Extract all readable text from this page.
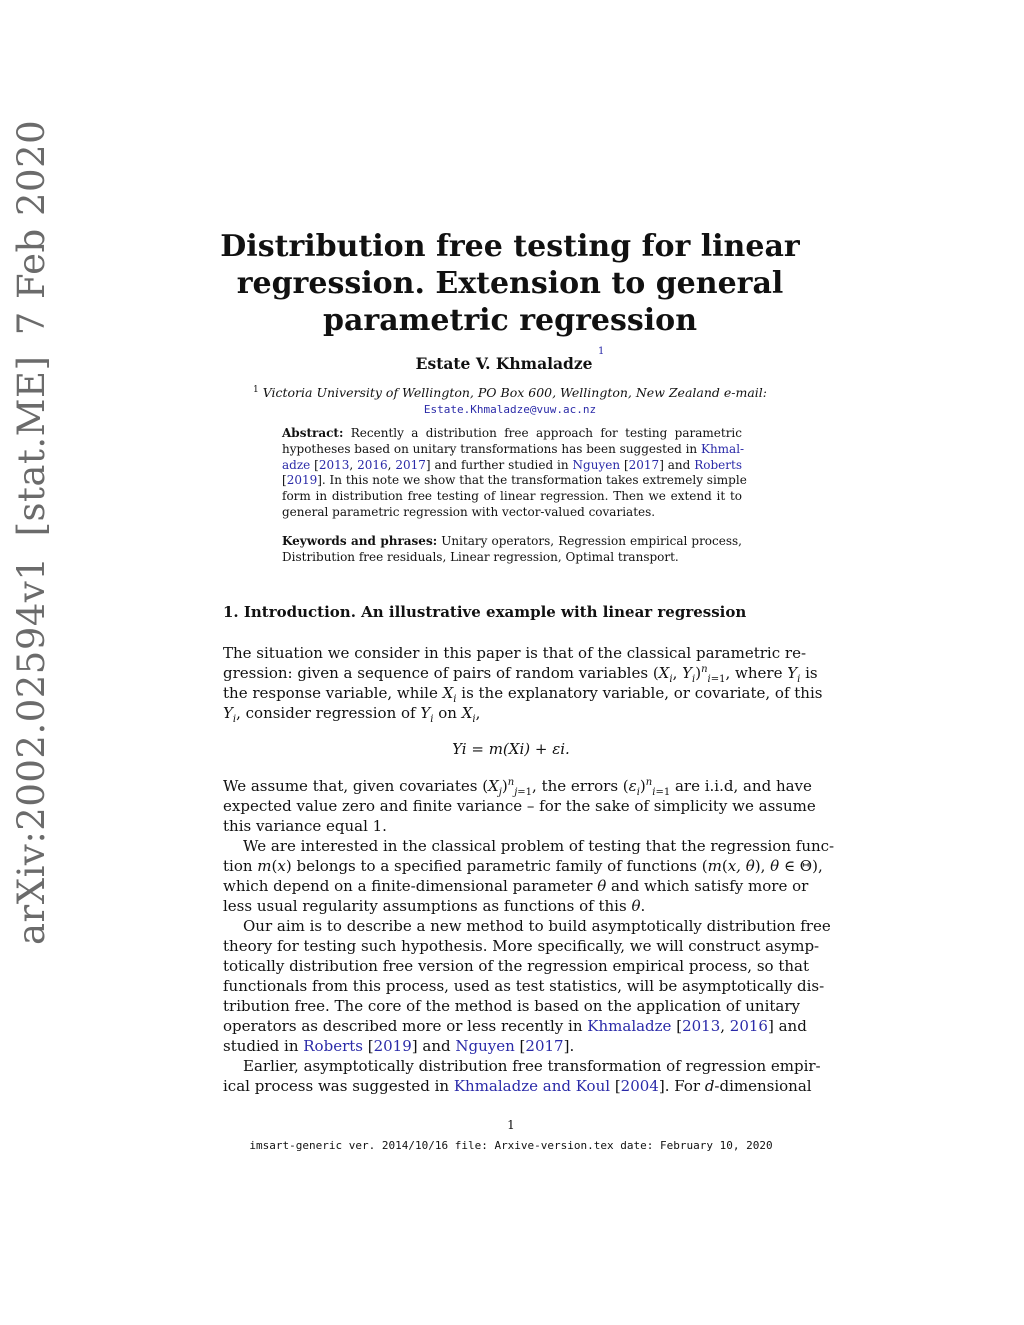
arXiv:2002.02594v1 [stat.ME] 7 Feb 2020	Distribution free testing for linear
regression. Extension to general
parametric regression
Estate V. Khmaladze $^1$
$^1$ Victoria University of Wellington, PO Box 600, Wellington, New Zealand e-mail:
Estate.Khmaladze@vuw.ac.nz
Abstract: Recently a distribution free approach for testing parametric
hypotheses based on unitary transformations has been suggested in Khmal-
adze [2013, 2016, 2017] and further studied in Nguyen [2017] and Roberts
[2019]. In this note we show that the transformation takes extremely simple
form in distribution free testing of linear regression. Then we extend it to
general parametric regression with vector-valued covariates.
Keywords and phrases: Unitary operators, Regression empirical process,
Distribution free residuals, Linear regression, Optimal transport.
1. Introduction. An illustrative example with linear regression
The situation we consider in this paper is that of the classical parametric re-
gression: given a sequence of pairs of random variables ($X_i$, $Y_i)^n_{i=1}$, where $Y_i$ is
the response variable, while $X_i$ is the explanatory variable, or covariate, of this
$Y_i$, consider regression of $Y_i$ on $X_i$,
Yi = m(Xi) + εi.
We assume that, given covariates $(X_j)^n_{j=1}$, the errors $(\varepsilon_i)^n_{i=1}$ are i.i.d, and have
expected value zero and finite variance – for the sake of simplicity we assume
this variance equal 1.
We are interested in the classical problem of testing that the regression func-
tion m(x) belongs to a specified parametric family of functions (m(x, θ), θ ∈ Θ),
which depend on a finite-dimensional parameter θ and which satisfy more or
less usual regularity assumptions as functions of this θ.
Our aim is to describe a new method to build asymptotically distribution free
theory for testing such hypothesis. More specifically, we will construct asymp-
totically distribution free version of the regression empirical process, so that
functionals from this process, used as test statistics, will be asymptotically dis-
tribution free. The core of the method is based on the application of unitary
operators as described more or less recently in Khmaladze [2013, 2016] and
studied in Roberts [2019] and Nguyen [2017].
Earlier, asymptotically distribution free transformation of regression empir-
ical process was suggested in Khmaladze and Koul [2004]. For d-dimensional
1
imsart-generic ver. 2014/10/16 file: Arxive-version.tex date: February 10, 2020
